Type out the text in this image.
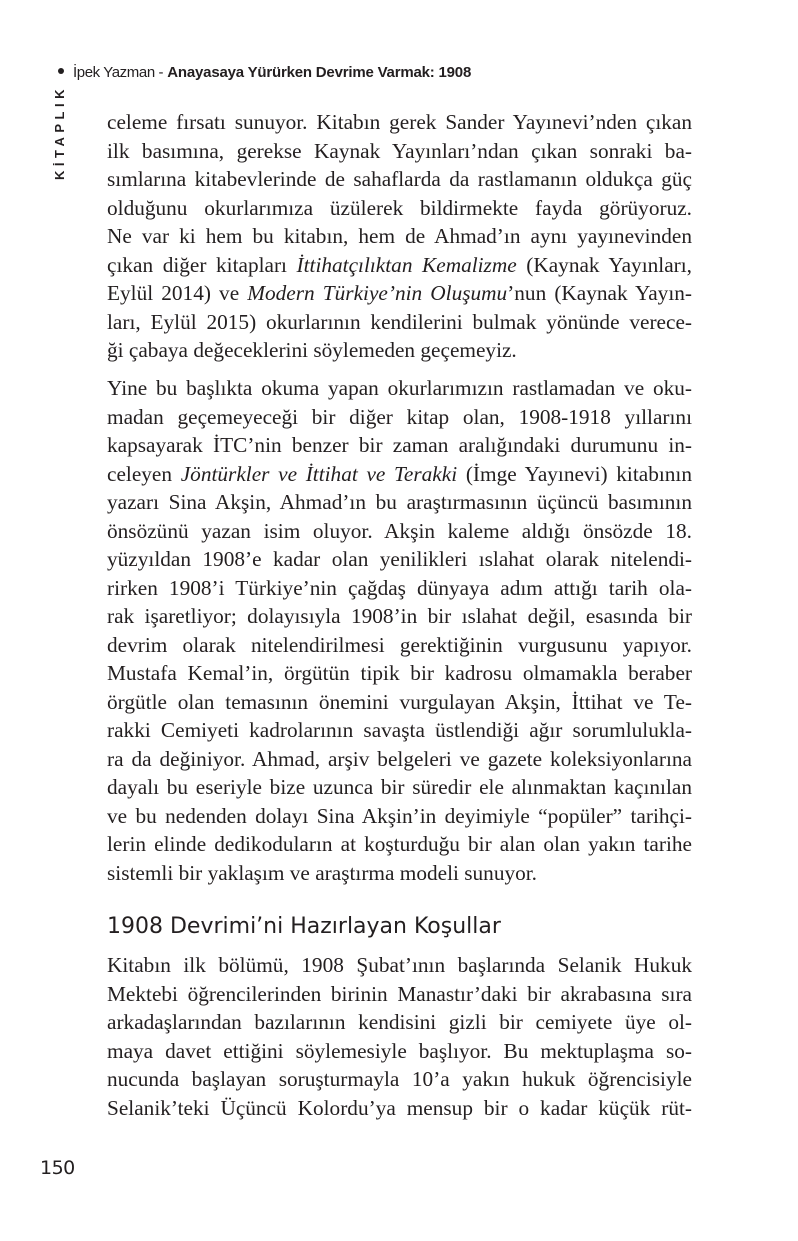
İpek Yazman - Anayasaya Yürürken Devrime Varmak: 1908
KİTAPLIK celeme fırsatı sunuyor. Kitabın gerek Sander Yayınevi’nden çıkan
ilk basımına, gerekse Kaynak Yayınları’ndan çıkan sonraki ba-
sımlarına kitabevlerinde de sahaflarda da rastlamanın oldukça güç
olduğunu okurlarımıza üzülerek bildirmekte fayda görüyoruz.
Ne var ki hem bu kitabın, hem de Ahmad’ın aynı yayınevinden
çıkan diğer kitapları İttihatçılıktan Kemalizme (Kaynak Yayınları,
Eylül 2014) ve Modern Türkiye’nin Oluşumu’nun (Kaynak Yayın-
ları, Eylül 2015) okurlarının kendilerini bulmak yönünde verece-
ği çabaya değeceklerini söylemeden geçemeyiz.
Yine bu başlıkta okuma yapan okurlarımızın rastlamadan ve oku-
madan geçemeyeceği bir diğer kitap olan, 1908-1918 yıllarını
kapsayarak İTC’nin benzer bir zaman aralığındaki durumunu in-
celeyen Jöntürkler ve İttihat ve Terakki (İmge Yayınevi) kitabının
yazarı Sina Akşin, Ahmad’ın bu araştırmasının üçüncü basımının
önsözünü yazan isim oluyor. Akşin kaleme aldığı önsözde 18.
yüzyıldan 1908’e kadar olan yenilikleri ıslahat olarak nitelendi-
rirken 1908’i Türkiye’nin çağdaş dünyaya adım attığı tarih ola-
rak işaretliyor; dolayısıyla 1908’in bir ıslahat değil, esasında bir
devrim olarak nitelendirilmesi gerektiğinin vurgusunu yapıyor.
Mustafa Kemal’in, örgütün tipik bir kadrosu olmamakla beraber
örgütle olan temasının önemini vurgulayan Akşin, İttihat ve Te-
rakki Cemiyeti kadrolarının savaşta üstlendiği ağır sorumlulukla-
ra da değiniyor. Ahmad, arşiv belgeleri ve gazete koleksiyonlarına
dayalı bu eseriyle bize uzunca bir süredir ele alınmaktan kaçınılan
ve bu nedenden dolayı Sina Akşin’in deyimiyle “popüler” tarihçi-
lerin elinde dedikoduların at koşturduğu bir alan olan yakın tarihe
sistemli bir yaklaşım ve araştırma modeli sunuyor.
1908 Devrimi’ni Hazırlayan Koşullar
Kitabın ilk bölümü, 1908 Şubat’ının başlarında Selanik Hukuk
Mektebi öğrencilerinden birinin Manastır’daki bir akrabasına sıra
arkadaşlarından bazılarının kendisini gizli bir cemiyete üye ol-
maya davet ettiğini söylemesiyle başlıyor. Bu mektuplaşma so-
nucunda başlayan soruşturmayla 10’a yakın hukuk öğrencisiyle
Selanik’teki Üçüncü Kolordu’ya mensup bir o kadar küçük rüt-
150
